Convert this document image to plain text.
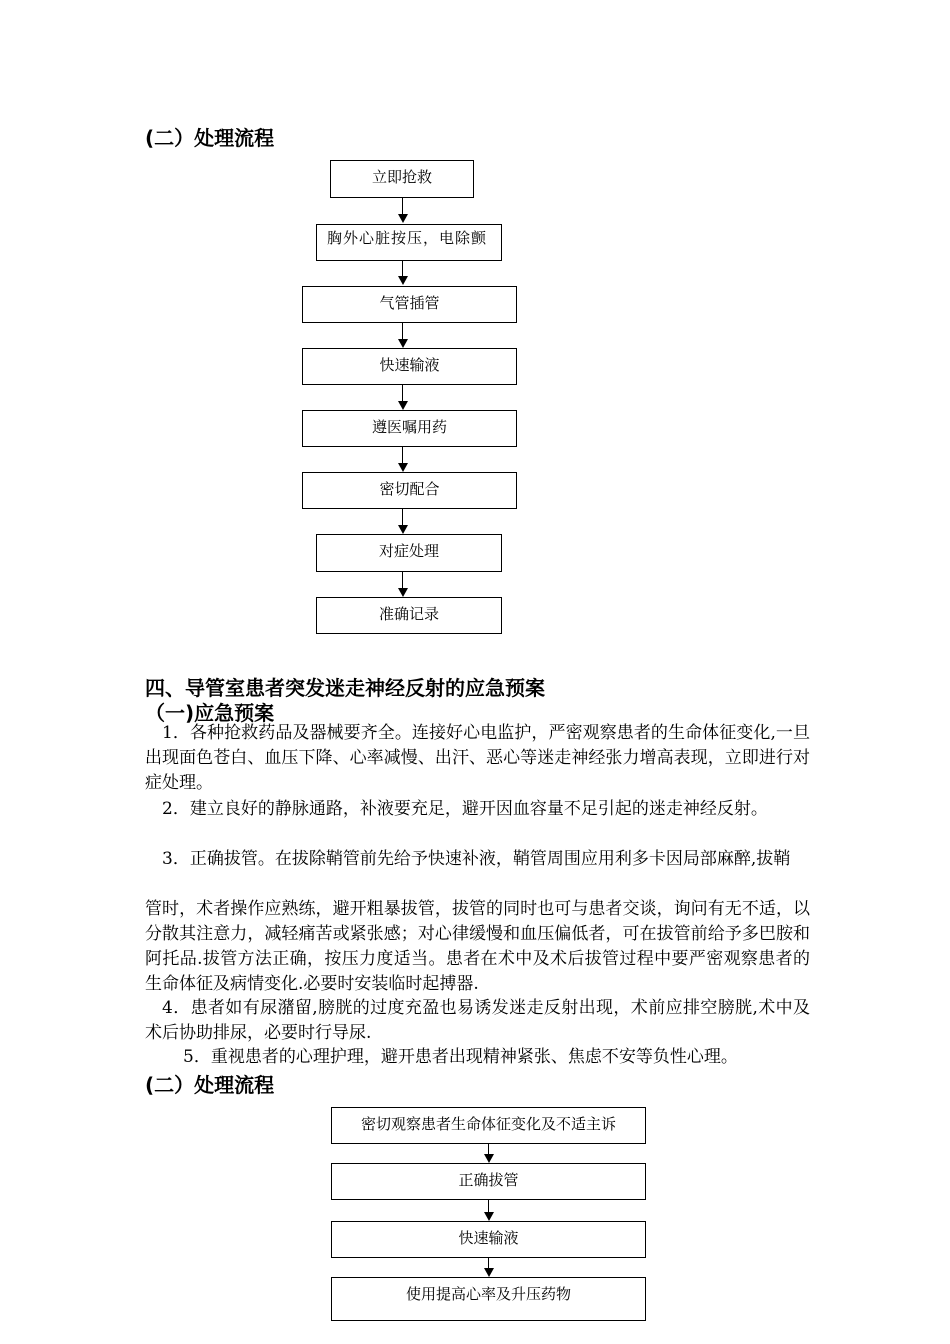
(二）处理流程
立即抢救
胸外心脏按压，电除颤
气管插管
快速输液
遵医嘱用药
密切配合
对症处理
准确记录
四、导管室患者突发迷走神经反射的应急预案
（一)应急预案
1．各种抢救药品及器械要齐全。连接好心电监护，严密观察患者的生命体征变化,一旦出现面色苍白、血压下降、心率减慢、出汗、恶心等迷走神经张力增高表现，立即进行对症处理。
2．建立良好的静脉通路，补液要充足，避开因血容量不足引起的迷走神经反射。
3．正确拔管。在拔除鞘管前先给予快速补液，鞘管周围应用利多卡因局部麻醉,拔鞘
管时，术者操作应熟练，避开粗暴拔管，拔管的同时也可与患者交谈，询问有无不适，以分散其注意力，减轻痛苦或紧张感；对心律缓慢和血压偏低者，可在拔管前给予多巴胺和阿托品.拔管方法正确，按压力度适当。患者在术中及术后拔管过程中要严密观察患者的生命体征及病情变化.必要时安装临时起搏器.
4．患者如有尿潴留,膀胱的过度充盈也易诱发迷走反射出现，术前应排空膀胱,术中及术后协助排尿，必要时行导尿.
5．重视患者的心理护理，避开患者出现精神紧张、焦虑不安等负性心理。
(二）处理流程
密切观察患者生命体征变化及不适主诉
正确拔管
快速输液
使用提高心率及升压药物
